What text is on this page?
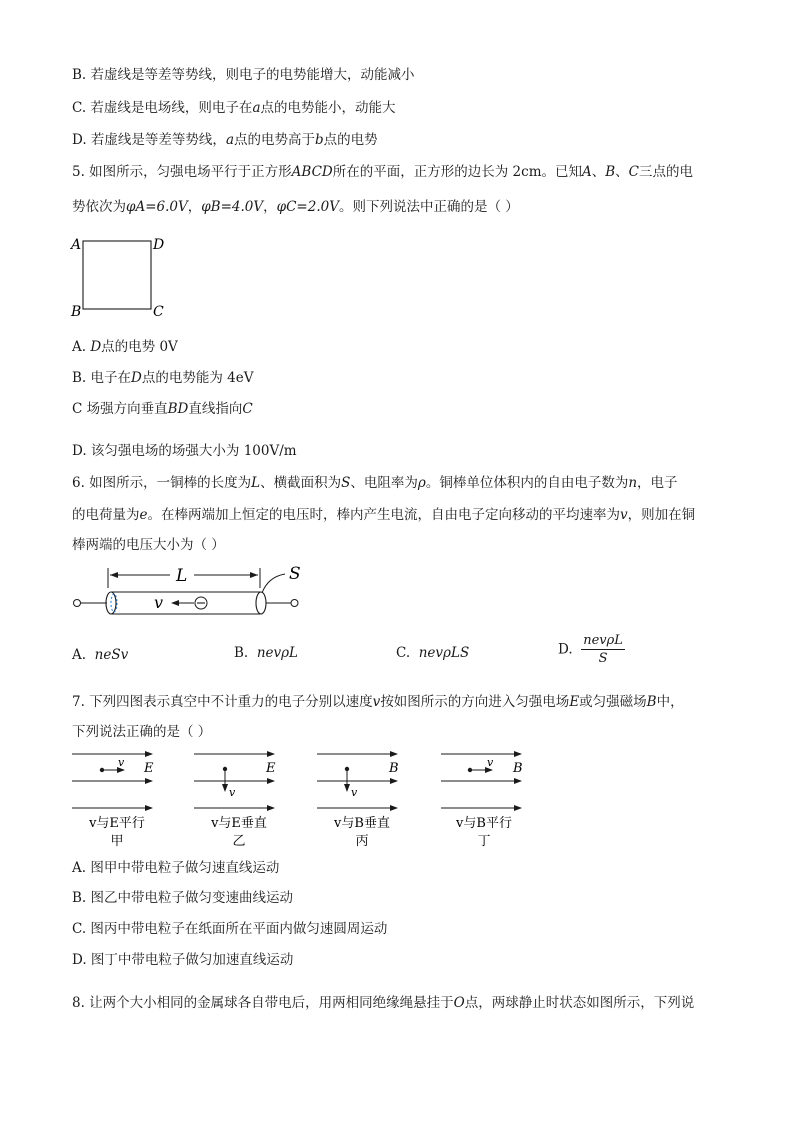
B. 若虚线是等差等势线，则电子的电势能增大，动能减小
C. 若虚线是电场线，则电子在a点的电势能小，动能大
D. 若虚线是等差等势线，a点的电势高于b点的电势
5. 如图所示，匀强电场平行于正方形ABCD所在的平面，正方形的边长为 2cm。已知A、B、C三点的电
势依次为φA=6.0V，φB=4.0V，φC=2.0V。则下列说法中正确的是（ ）
A	D
B	C
A. D点的电势 0V
B. 电子在D点的电势能为 4eV
C 场强方向垂直BD直线指向C
D. 该匀强电场的场强大小为 100V/m
6. 如图所示，一铜棒的长度为L、横截面积为S、电阻率为ρ。铜棒单位体积内的自由电子数为n，电子
的电荷量为e。在棒两端加上恒定的电压时，棒内产生电流，自由电子定向移动的平均速率为v，则加在铜
棒两端的电压大小为（ ）
L	S
v
A. neSv	B. nevρL	C. nevρLS	D. $\frac{\text{nevρL}}{S}$
7. 下列四图表示真空中不计重力的电子分别以速度v按如图所示的方向进入匀强电场E或匀强磁场B中，
下列说法正确的是（ ）
v E
v与E平行
甲
v
E
v与E垂直
乙
v
B
v与B垂直
丙
v B
v与B平行
丁
A. 图甲中带电粒子做匀速直线运动
B. 图乙中带电粒子做匀变速曲线运动
C. 图丙中带电粒子在纸面所在平面内做匀速圆周运动
D. 图丁中带电粒子做匀加速直线运动
8. 让两个大小相同的金属球各自带电后，用两相同绝缘绳悬挂于O点，两球静止时状态如图所示，下列说
